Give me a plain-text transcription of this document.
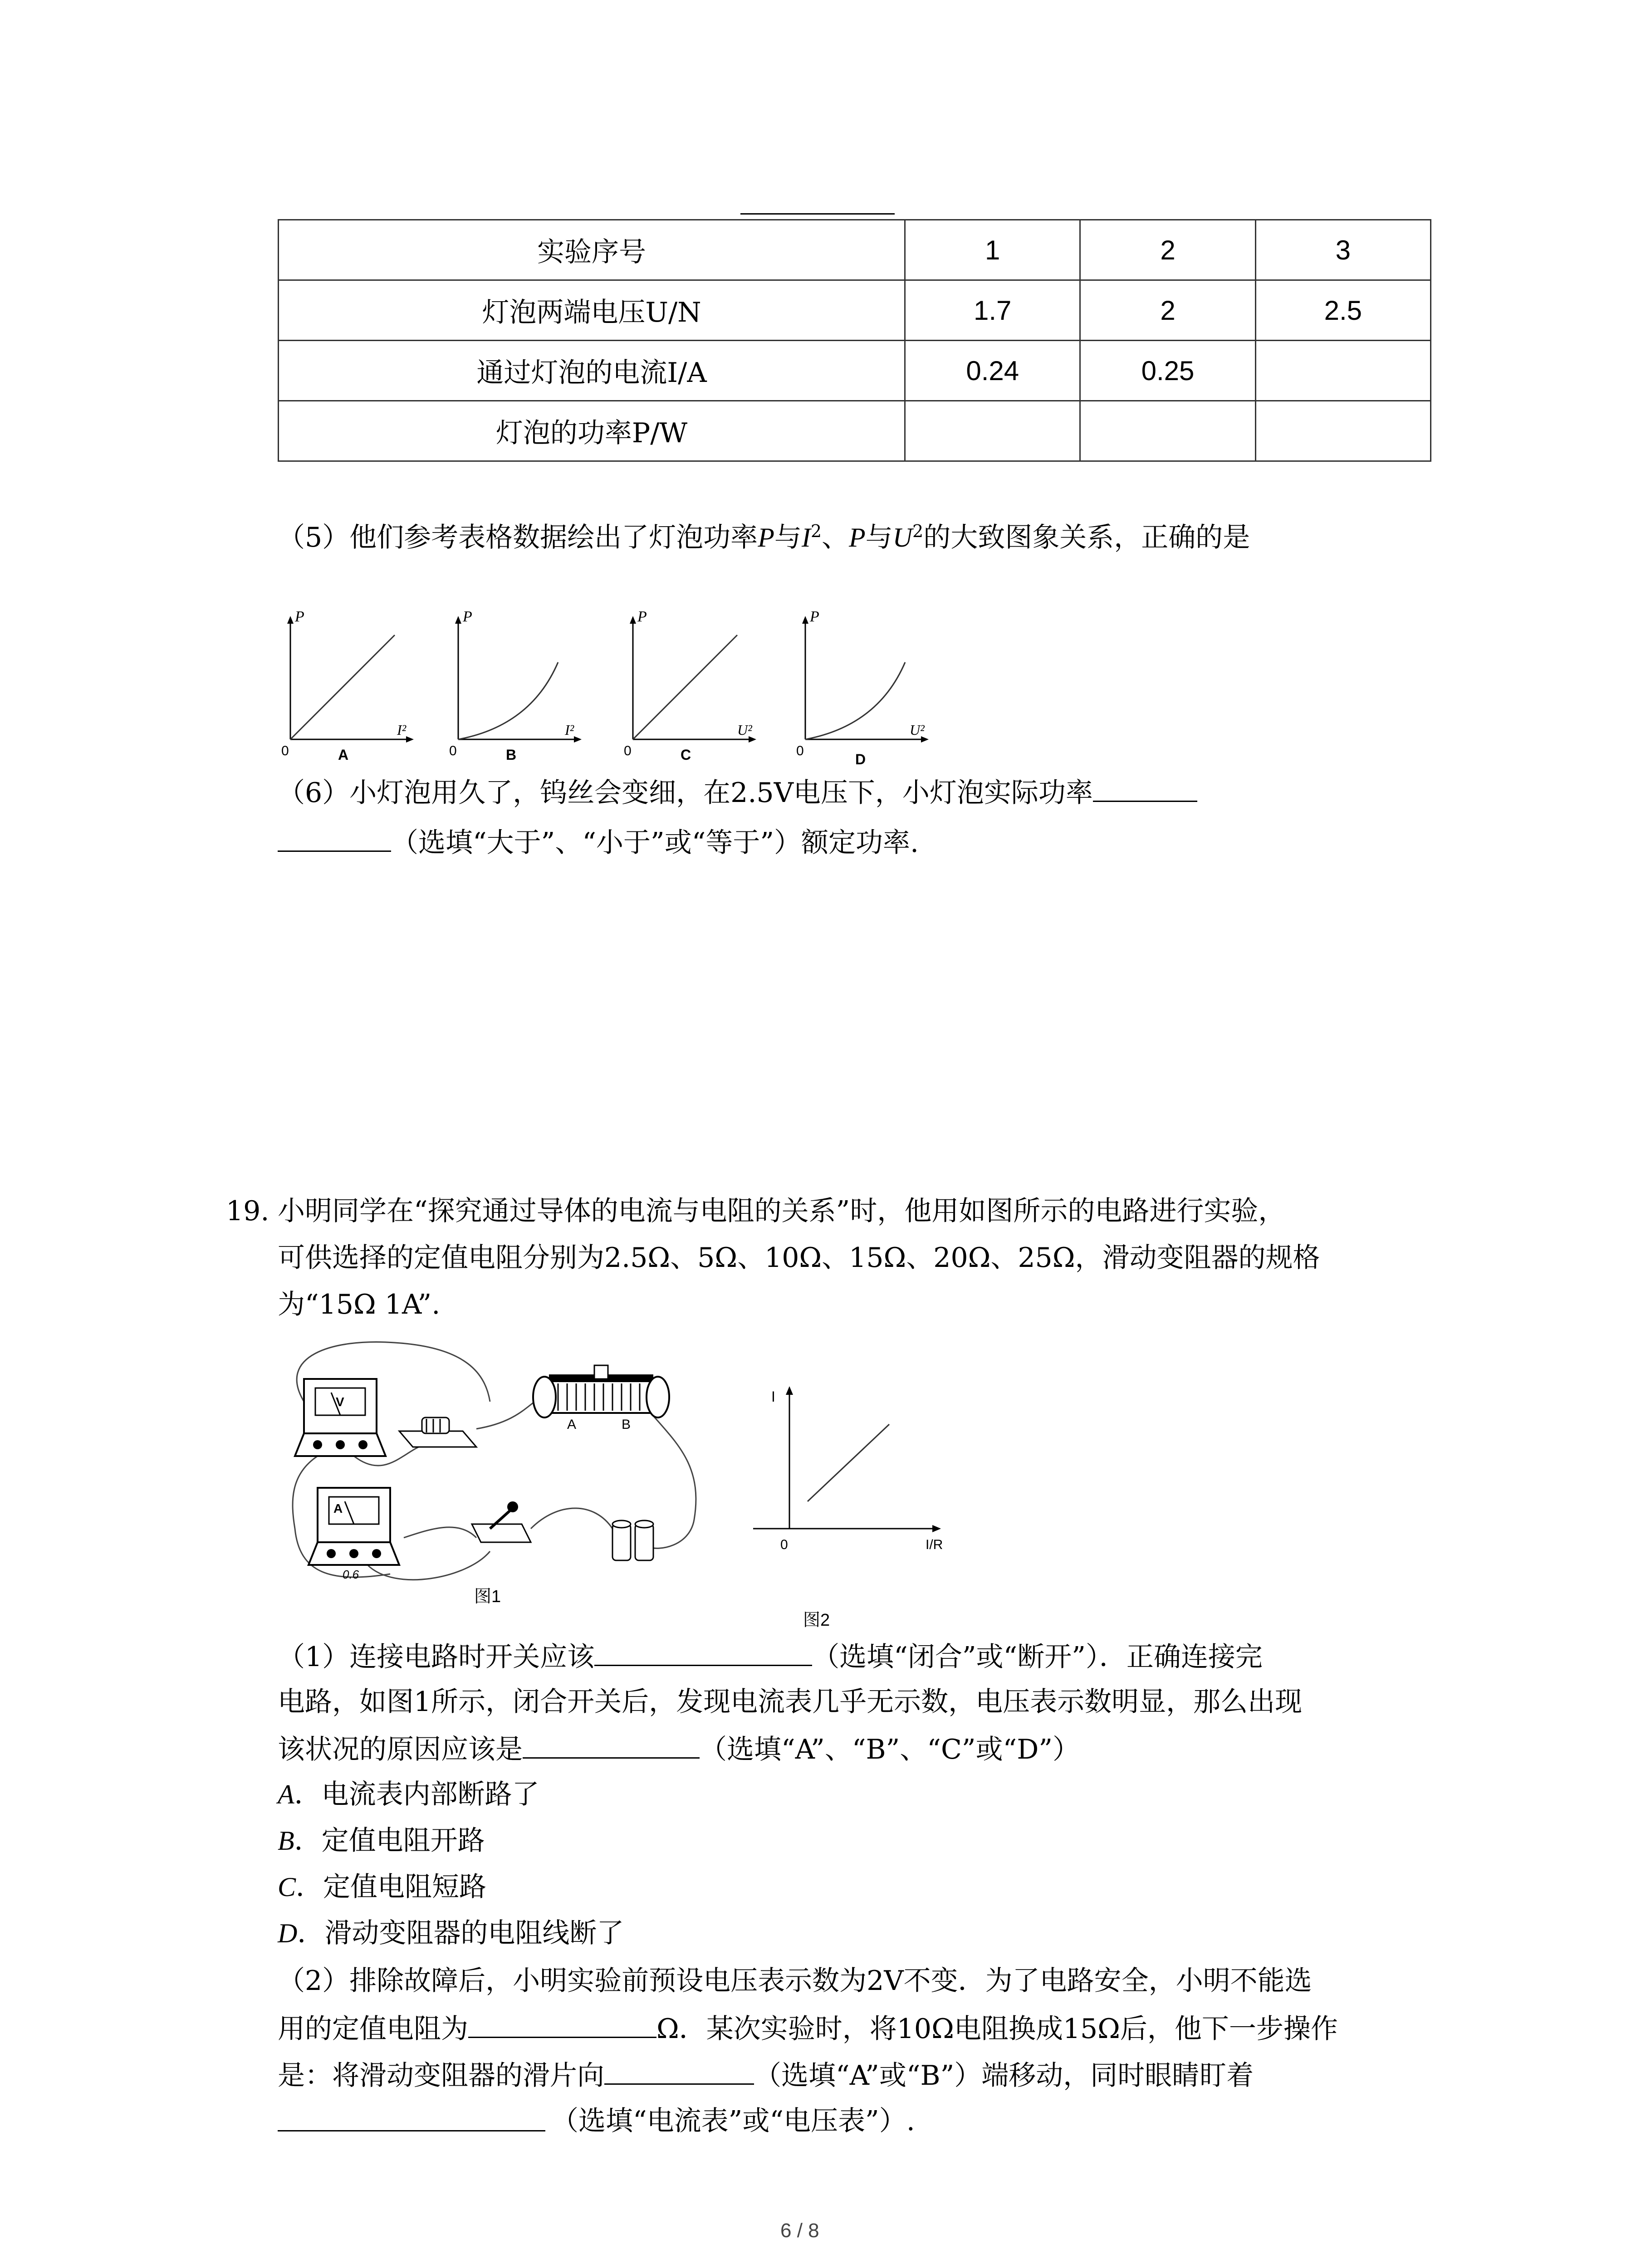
实验序号	1	2	3
灯泡两端电压U/N	1.7	2	2.5
通过灯泡的电流I/A	0.24	0.25	
灯泡的功率P/W			
（5）他们参考表格数据绘出了灯泡功率P与$I^2$、P与$U^2$的大致图象关系，正确的是
P
I²
0	A
P
I²
0	B
P
U²
0	C
P
U²
0
D
（6）小灯泡用久了，钨丝会变细，在2.5V电压下，小灯泡实际功率
（选填“大于”、“小于”或“等于”）额定功率.
19. 小明同学在“探究通过导体的电流与电阻的关系”时，他用如图所示的电路进行实验，
可供选择的定值电阻分别为2.5Ω、5Ω、10Ω、15Ω、20Ω、25Ω，滑动变阻器的规格
为“15Ω 1A”.
V
A	B
A
0.6
I
I/R
0
图1
图2
（1）连接电路时开关应该	（选填“闭合”或“断开”）．正确连接完
电路，如图1所示，闭合开关后，发现电流表几乎无示数，电压表示数明显，那么出现
该状况的原因应该是	（选填“A”、“B”、“C”或“D”）
A．电流表内部断路了
B．定值电阻开路
C．定值电阻短路
D．滑动变阻器的电阻线断了
（2）排除故障后，小明实验前预设电压表示数为2V不变．为了电路安全，小明不能选
用的定值电阻为	Ω．某次实验时，将10Ω电阻换成15Ω后，他下一步操作
是：将滑动变阻器的滑片向	（选填“A”或“B”）端移动，同时眼睛盯着
（选填“电流表”或“电压表”）.
6 / 8
